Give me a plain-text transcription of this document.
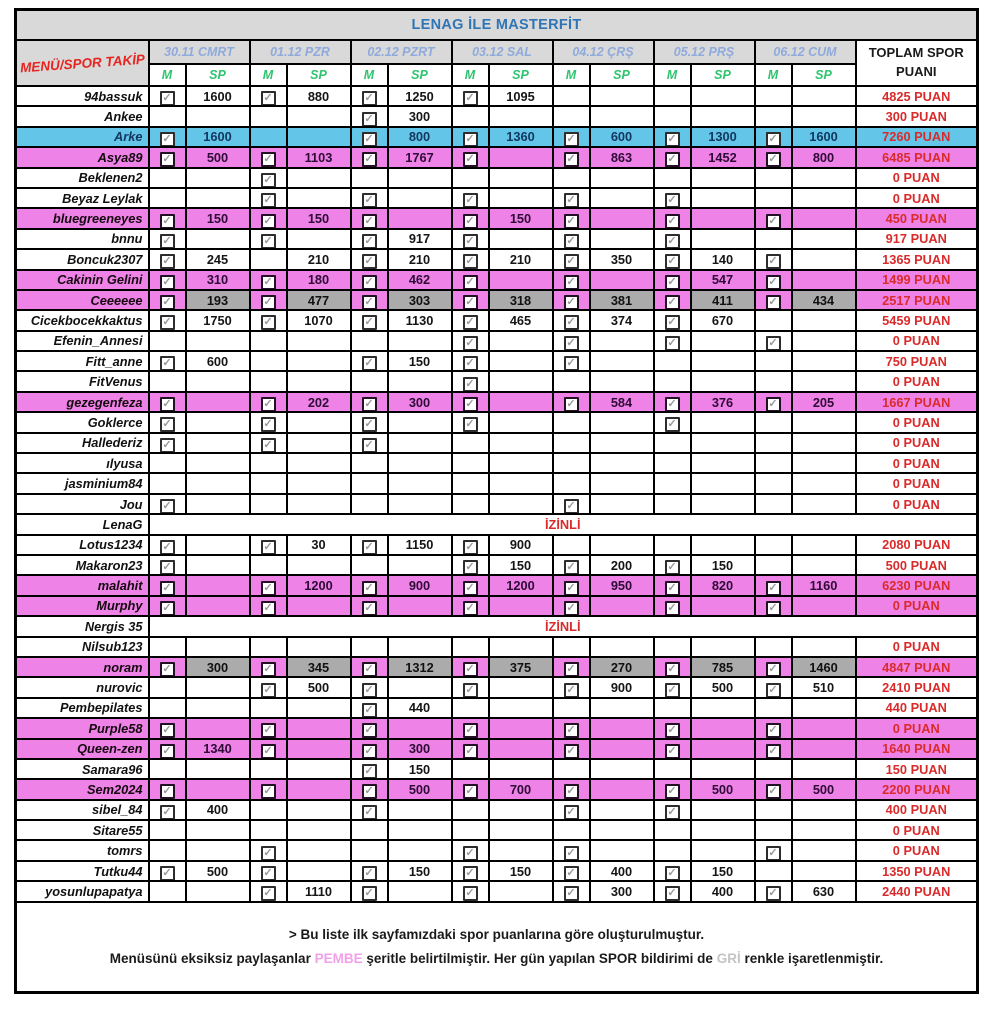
LENAG İLE MASTERFİT															
MENÜ/SPOR TAKİP	30.11 CMRT		01.12 PZR		02.12 PZRT		03.12 SAL		04.12 ÇRŞ		05.12 PRŞ		06.12 CUM		TOPLAM SPOR
PUANI
	M	SP	M	SP	M	SP	M	SP	M	SP	M	SP	M	SP	
94bassuk	✓	1600	✓	880	✓	1250	✓	1095							4825 PUAN
Ankee					✓	300									300 PUAN
Arke	✓	1600			✓	800	✓	1360	✓	600	✓	1300	✓	1600	7260 PUAN
Asya89	✓	500	✓	1103	✓	1767	✓		✓	863	✓	1452	✓	800	6485 PUAN
Beklenen2			✓												0 PUAN
Beyaz Leylak			✓		✓		✓		✓		✓				0 PUAN
bluegreeneyes	✓	150	✓	150	✓		✓	150	✓		✓		✓		450 PUAN
bnnu	✓		✓		✓	917	✓		✓		✓				917 PUAN
Boncuk2307	✓	245		210	✓	210	✓	210	✓	350	✓	140	✓		1365 PUAN
Cakinin Gelini	✓	310	✓	180	✓	462	✓		✓		✓	547	✓		1499 PUAN
Ceeeeee	✓	193	✓	477	✓	303	✓	318	✓	381	✓	411	✓	434	2517 PUAN
Cicekbocekkaktus	✓	1750	✓	1070	✓	1130	✓	465	✓	374	✓	670			5459 PUAN
Efenin_Annesi							✓		✓		✓		✓		0 PUAN
Fitt_anne	✓	600			✓	150	✓		✓						750 PUAN
FitVenus							✓								0 PUAN
gezegenfeza	✓		✓	202	✓	300	✓		✓	584	✓	376	✓	205	1667 PUAN
Goklerce	✓		✓		✓		✓				✓				0 PUAN
Hallederiz	✓		✓		✓										0 PUAN
ılyusa															0 PUAN
jasminium84															0 PUAN
Jou	✓								✓						0 PUAN
LenaG	İZİNLİ														
Lotus1234	✓		✓	30	✓	1150	✓	900							2080 PUAN
Makaron23	✓						✓	150	✓	200	✓	150			500 PUAN
malahit	✓		✓	1200	✓	900	✓	1200	✓	950	✓	820	✓	1160	6230 PUAN
Murphy	✓		✓		✓		✓		✓		✓		✓		0 PUAN
Nergis 35	İZİNLİ														
Nilsub123															0 PUAN
noram	✓	300	✓	345	✓	1312	✓	375	✓	270	✓	785	✓	1460	4847 PUAN
nurovic			✓	500	✓		✓		✓	900	✓	500	✓	510	2410 PUAN
Pembepilates					✓	440									440 PUAN
Purple58	✓		✓		✓		✓		✓		✓		✓		0 PUAN
Queen-zen	✓	1340	✓		✓	300	✓		✓		✓		✓		1640 PUAN
Samara96					✓	150									150 PUAN
Sem2024	✓		✓		✓	500	✓	700	✓		✓	500	✓	500	2200 PUAN
sibel_84	✓	400			✓				✓		✓				400 PUAN
Sitare55															0 PUAN
tomrs			✓				✓		✓				✓		0 PUAN
Tutku44	✓	500	✓		✓	150	✓	150	✓	400	✓	150			1350 PUAN
yosunlupapatya			✓	1110	✓		✓		✓	300	✓	400	✓	630	2440 PUAN

> Bu liste ilk sayfamızdaki spor puanlarına göre oluşturulmuştur.

Menüsünü eksiksiz paylaşanlar PEMBE şeritle belirtilmiştir. Her gün yapılan SPOR bildirimi de GRİ renkle işaretlenmiştir.															
